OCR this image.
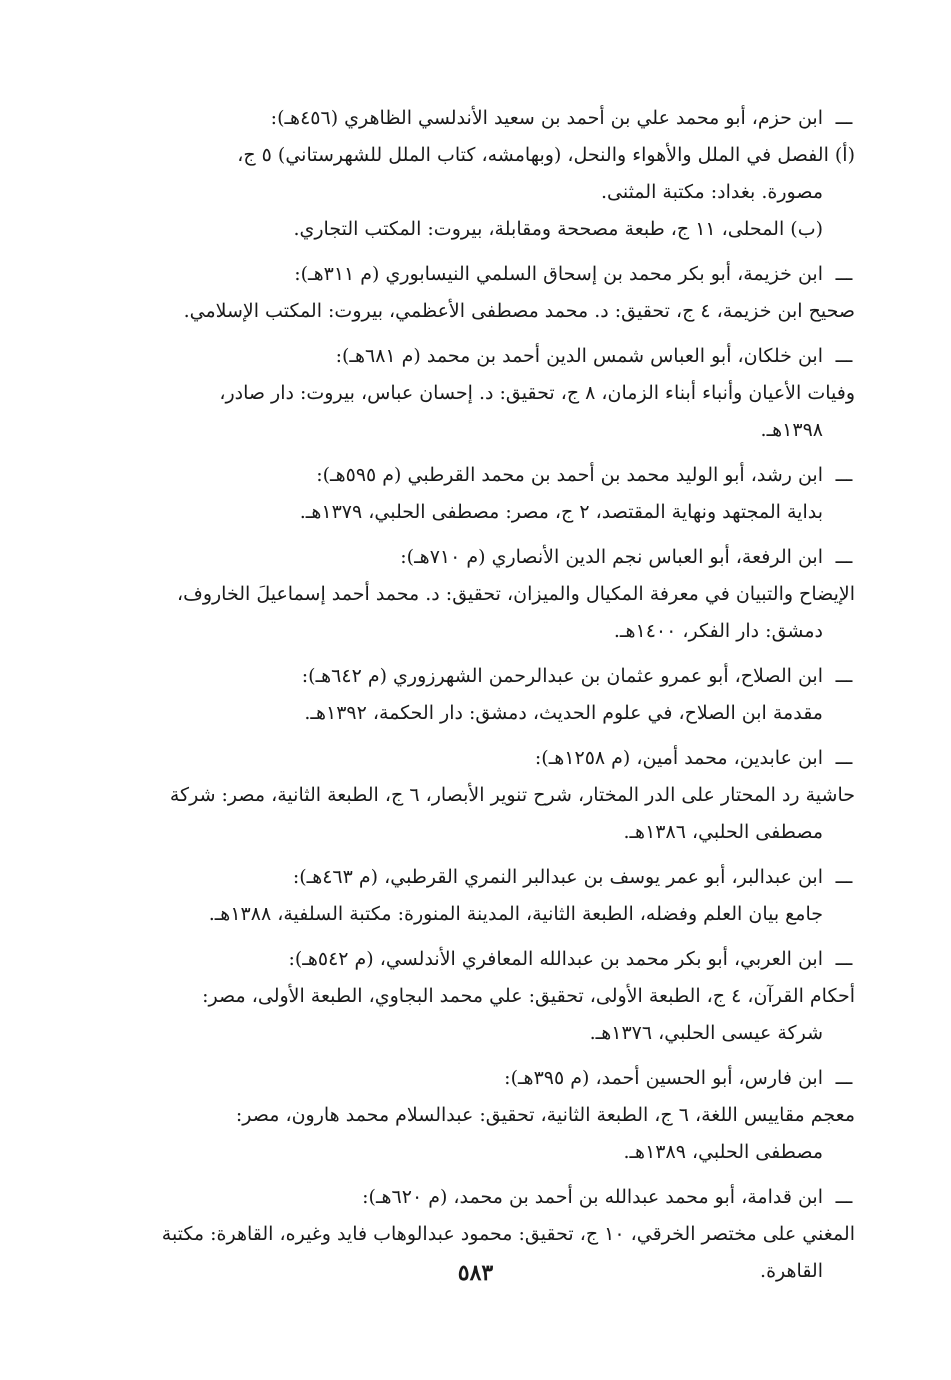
ـــابن حزم، أبو محمد علي بن أحمد بن سعيد الأندلسي الظاهري (٤٥٦هـ):
(أ) الفصل في الملل والأهواء والنحل، (وبهامشه، كتاب الملل للشهرستاني) ٥ ج،
مصورة. بغداد: مكتبة المثنى.
(ب) المحلى، ١١ ج، طبعة مصححة ومقابلة، بيروت: المكتب التجاري.
ـــابن خزيمة، أبو بكر محمد بن إسحاق السلمي النيسابوري (م ٣١١هـ):
صحيح ابن خزيمة، ٤ ج، تحقيق: د. محمد مصطفى الأعظمي، بيروت: المكتب الإسلامي.
ـــابن خلكان، أبو العباس شمس الدين أحمد بن محمد (م ٦٨١هـ):
وفيات الأعيان وأنباء أبناء الزمان، ٨ ج، تحقيق: د. إحسان عباس، بيروت: دار صادر،
١٣٩٨هـ.
ـــابن رشد، أبو الوليد محمد بن أحمد بن محمد القرطبي (م ٥٩٥هـ):
بداية المجتهد ونهاية المقتصد، ٢ ج، مصر: مصطفى الحلبي، ١٣٧٩هـ.
ـــابن الرفعة، أبو العباس نجم الدين الأنصاري (م ٧١٠هـ):
الإيضاح والتبيان في معرفة المكيال والميزان، تحقيق: د. محمد أحمد إسماعيلَ الخاروف،
دمشق: دار الفكر، ١٤٠٠هـ.
ـــابن الصلاح، أبو عمرو عثمان بن عبدالرحمن الشهرزوري (م ٦٤٢هـ):
مقدمة ابن الصلاح، في علوم الحديث، دمشق: دار الحكمة، ١٣٩٢هـ.
ـــابن عابدين، محمد أمين، (م ١٢٥٨هـ):
حاشية رد المحتار على الدر المختار، شرح تنوير الأبصار، ٦ ج، الطبعة الثانية، مصر: شركة
مصطفى الحلبي، ١٣٨٦هـ.
ـــابن عبدالبر، أبو عمر يوسف بن عبدالبر النمري القرطبي، (م ٤٦٣هـ):
جامع بيان العلم وفضله، الطبعة الثانية، المدينة المنورة: مكتبة السلفية، ١٣٨٨هـ.
ـــابن العربي، أبو بكر محمد بن عبدالله المعافري الأندلسي، (م ٥٤٢هـ):
أحكام القرآن، ٤ ج، الطبعة الأولى، تحقيق: علي محمد البجاوي، الطبعة الأولى، مصر:
شركة عيسى الحلبي، ١٣٧٦هـ.
ـــابن فارس، أبو الحسين أحمد، (م ٣٩٥هـ):
معجم مقاييس اللغة، ٦ ج، الطبعة الثانية، تحقيق: عبدالسلام محمد هارون، مصر:
مصطفى الحلبي، ١٣٨٩هـ.
ـــابن قدامة، أبو محمد عبدالله بن أحمد بن محمد، (م ٦٢٠هـ):
المغني على مختصر الخرقي، ١٠ ج، تحقيق: محمود عبدالوهاب فايد وغيره، القاهرة: مكتبة
القاهرة.
٥٨٣
